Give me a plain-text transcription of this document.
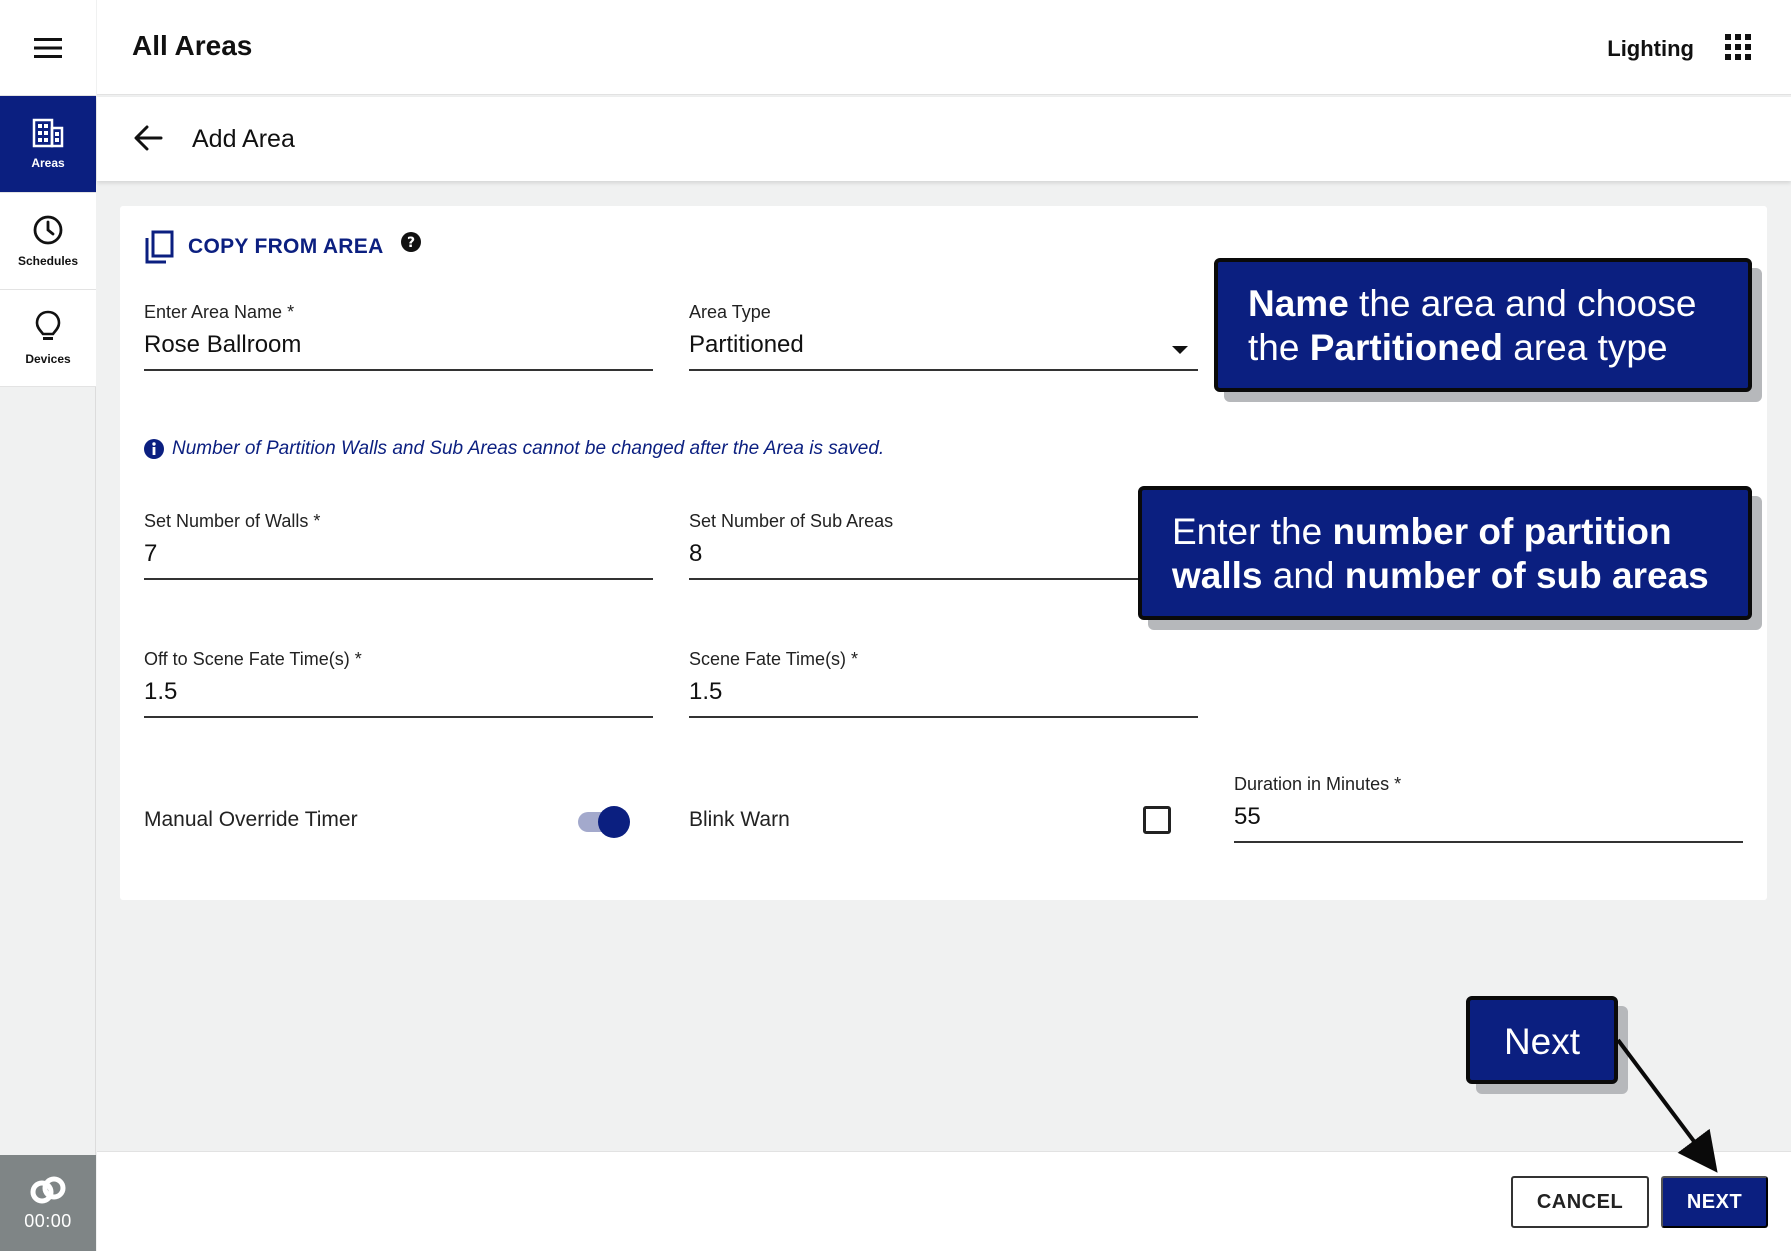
Areas
Schedules
Devices
00:00
All Areas	Lighting
Add Area
COPY FROM AREA ?
Enter Area Name *
Rose Ballroom
Area Type
Partitioned
Number of Partition Walls and Sub Areas cannot be changed after the Area is saved.
Set Number of Walls *
7
Set Number of Sub Areas
8
Off to Scene Fate Time(s) *
1.5
Scene Fate Time(s) *
1.5
Manual Override Timer	Blink Warn
Duration in Minutes *
55
CANCEL	NEXT
Name the area and choose the Partitioned area type
Enter the number of partition walls and number of sub areas
Next
